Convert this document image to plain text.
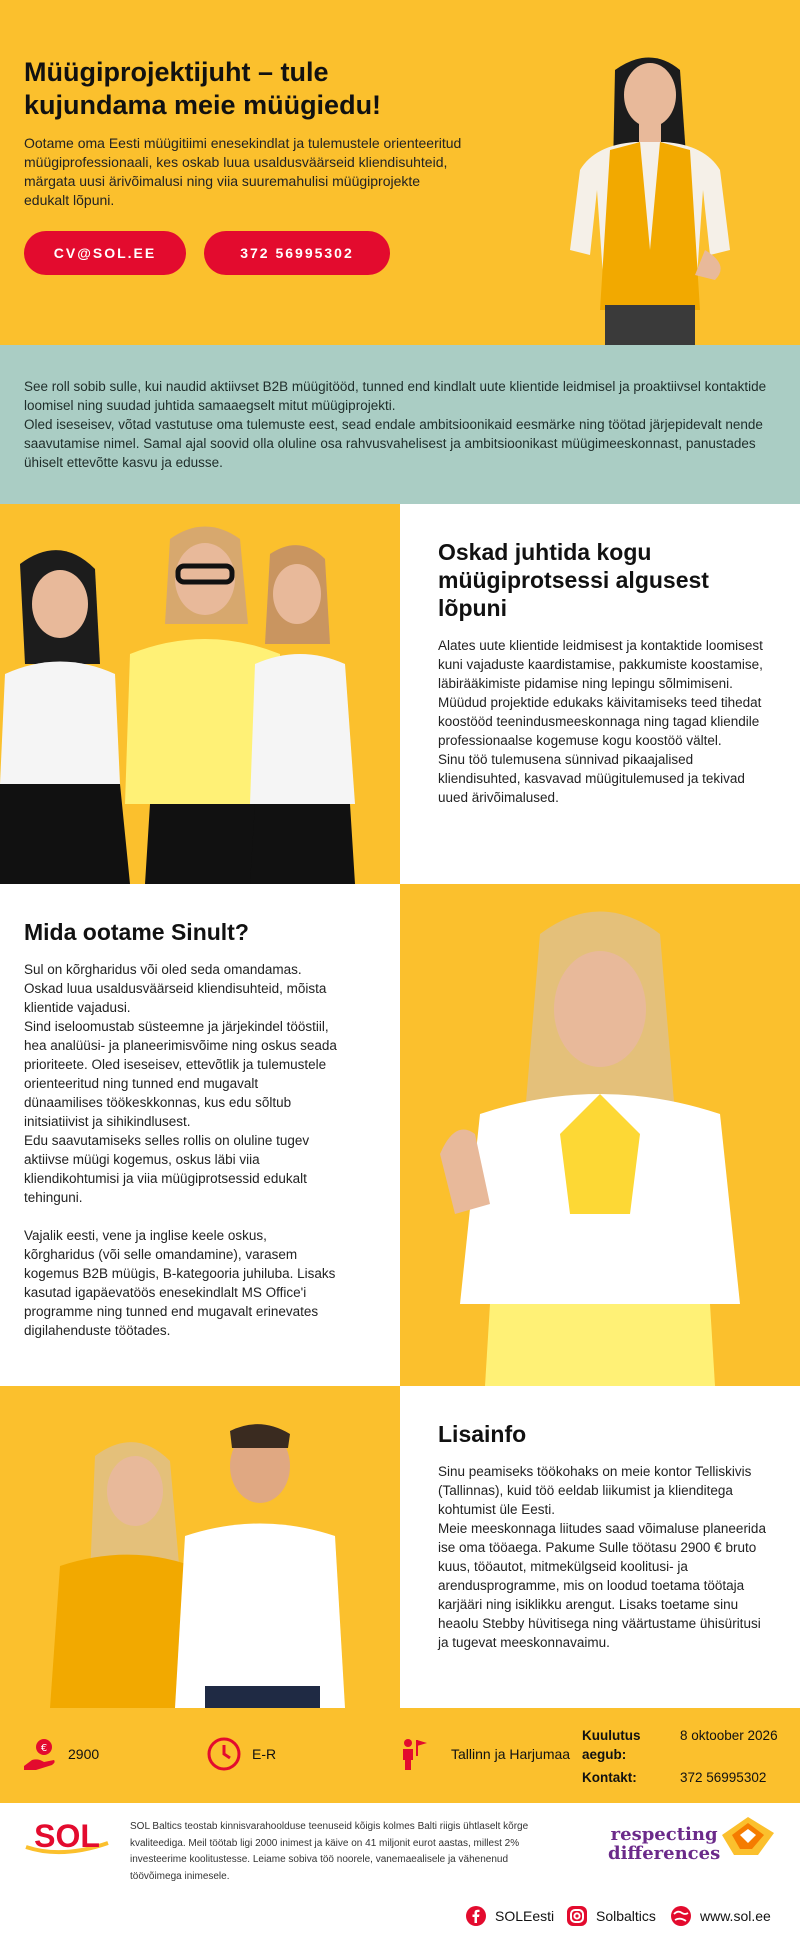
Müügiprojektijuht – tule kujundama meie müügiedu!

Ootame oma Eesti müügitiimi enesekindlat ja tulemustele orienteeritud müügiprofessionaali, kes oskab luua usaldusväärseid kliendisuhteid, märgata uusi ärivõimalusi ning viia suuremahulisi müügiprojekte edukalt lõpuni.

CV@SOL.EE	372 56995302

See roll sobib sulle, kui naudid aktiivset B2B müügitööd, tunned end kindlalt uute klientide leidmisel ja proaktiivsel kontaktide loomisel ning suudad juhtida samaaegselt mitut müügiprojekti.

Oled iseseisev, võtad vastutuse oma tulemuste eest, sead endale ambitsioonikaid eesmärke ning töötad järjepidevalt nende saavutamise nimel. Samal ajal soovid olla oluline osa rahvusvahelisest ja ambitsioonikast müügimeeskonnast, panustades ühiselt ettevõtte kasvu ja edusse.

Oskad juhtida kogu müügiprotsessi algusest lõpuni

Alates uute klientide leidmisest ja kontaktide loomisest kuni vajaduste kaardistamise, pakkumiste koostamise, läbirääkimiste pidamise ning lepingu sõlmimiseni.

Müüdud projektide edukaks käivitamiseks teed tihedat koostööd teenindusmeeskonnaga ning tagad kliendile professionaalse kogemuse kogu koostöö vältel.

Sinu töö tulemusena sünnivad pikaajalised kliendisuhted, kasvavad müügitulemused ja tekivad uued ärivõimalused.

Mida ootame Sinult?

Sul on kõrgharidus või oled seda omandamas.

Oskad luua usaldusväärseid kliendisuhteid, mõista klientide vajadusi.

Sind iseloomustab süsteemne ja järjekindel tööstiil, hea analüüsi- ja planeerimisvõime ning oskus seada prioriteete. Oled iseseisev, ettevõtlik ja tulemustele orienteeritud ning tunned end mugavalt dünaamilises töökeskkonnas, kus edu sõltub initsiatiivist ja sihikindlusest.

Edu saavutamiseks selles rollis on oluline tugev aktiivse müügi kogemus, oskus läbi viia kliendikohtumisi ja viia müügiprotsessid edukalt tehinguni.

Vajalik eesti, vene ja inglise keele oskus, kõrgharidus (või selle omandamine), varasem kogemus B2B müügis, B-kategooria juhiluba. Lisaks kasutad igapäevatöös enesekindlalt MS Office'i programme ning tunned end mugavalt erinevates digilahenduste töötades.

Lisainfo

Sinu peamiseks töökohaks on meie kontor Telliskivis (Tallinnas), kuid töö eeldab liikumist ja klienditega kohtumist üle Eesti.

Meie meeskonnaga liitudes saad võimaluse planeerida ise oma tööaega. Pakume Sulle töötasu 2900 € bruto kuus, tööautot, mitmekülgseid koolitusi- ja arendusprogramme, mis on loodud toetama töötaja karjääri ning isiklikku arengut. Lisaks toetame sinu heaolu Stebby hüvitisega ning väärtustame ühisüritusi ja tugevat meeskonnavaimu.

€ 2900	E-R	Tallinn ja Harjumaa
Kuulutus aegub:
8 oktoober 2026
Kontakt:	372 56995302
SOL	SOL Baltics teostab kinnisvarahoolduse teenuseid kõigis kolmes Balti riigis ühtlaselt kõrge kvaliteediga. Meil töötab ligi 2000 inimest ja käive on 41 miljonit eurot aastas, millest 2% investeerime koolitustesse. Leiame sobiva töö noorele, vanemaealisele ja vähenenud töövõimega inimesele.

respecting
differences
SOLEesti	Solbaltics	www.sol.ee
